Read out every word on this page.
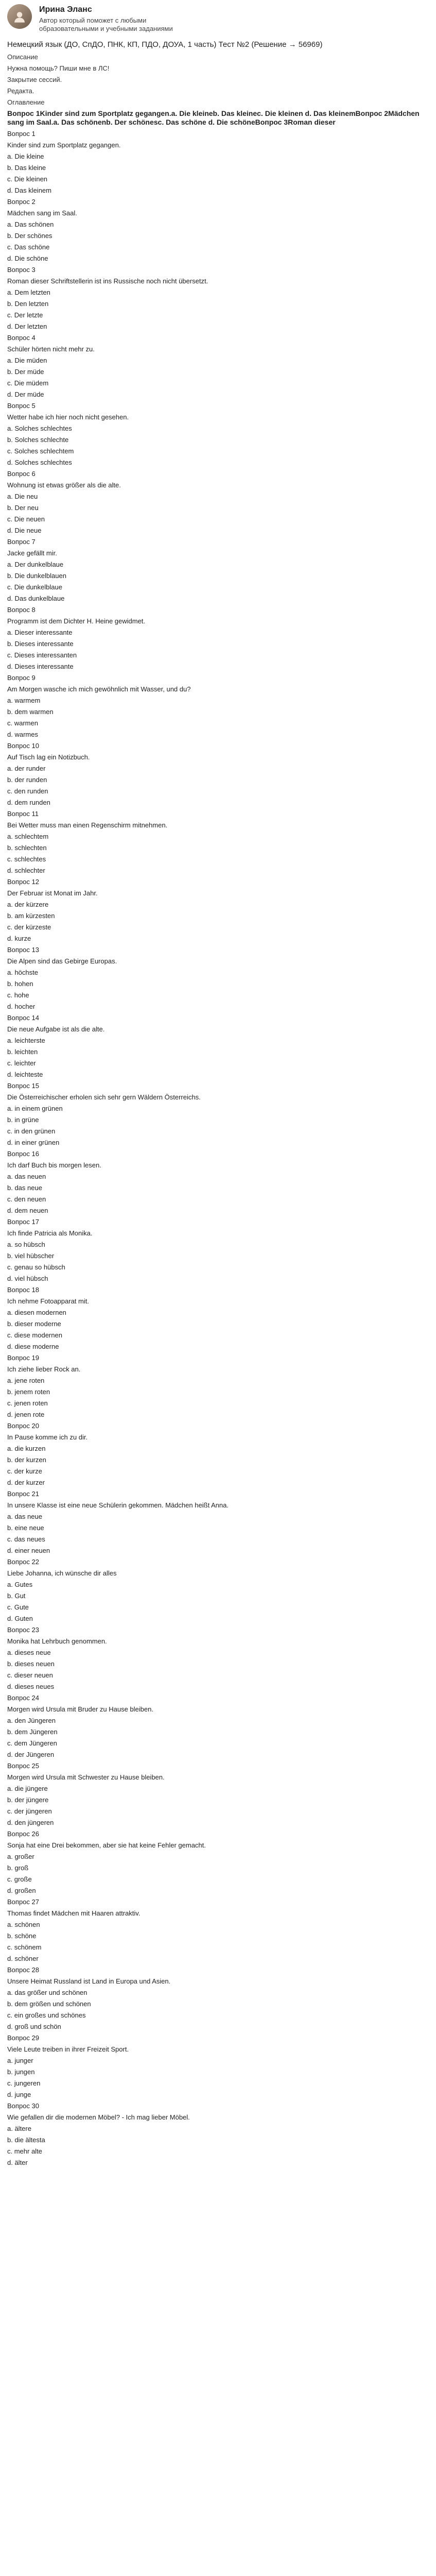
Ирина Эланс
Автор который поможет с любыми образовательными и учебными заданиями
Немецкий язык (ДО, СпДО, ПНК, КП, ПДО, ДОУА, 1 часть) Тест №2 (Решение → 56969)
Описание
Нужна помощь? Пиши мне в ЛС!
Закрытие сессий.
Редакта.
Оглавление
Вопрос 1Kinder sind zum Sportplatz gegangen.a. Die kleineb. Das kleinec. Die kleinen d. Das kleinemВопрос 2Mädchen sang im Saal.a. Das schönenb. Der schönesc. Das schöne d. Die schönеВопрос 3Roman dieser
Вопрос 1
Kinder sind zum Sportplatz gegangen.
a. Die kleine
b. Das kleine
c. Die kleinen
d. Das kleinem
Вопрос 2
Mädchen sang im Saal.
a. Das schönen
b. Der schönes
c. Das schöne
d. Die schöne
Вопрос 3
Roman dieser Schriftstellerin ist ins Russische noch nicht übersetzt.
a. Dem letzten
b. Den letzten
c. Der letzte
d. Der letzten
Вопрос 4
Schüler hörten nicht mehr zu.
a. Die müden
b. Der müde
c. Die müdem
d. Der müde
Вопрос 5
Wetter habe ich hier noch nicht gesehen.
a. Solches schlechtes
b. Solches schlechte
c. Solches schlechtem
d. Solches schlechtes
Вопрос 6
Wohnung ist etwas größer als die alte.
a. Die neu
b. Der neu
c. Die neuen
d. Die neue
Вопрос 7
Jacke gefällt mir.
a. Der dunkelblaue
b. Die dunkelblauen
c. Die dunkelblaue
d. Das dunkelblaue
Вопрос 8
Programm ist dem Dichter H. Heine gewidmet.
a. Dieser interessante
b. Dieses interessante
c. Dieses interessanten
d. Dieses interessante
Вопрос 9
Am Morgen wasche ich mich gewöhnlich mit Wasser, und du?
a. warmem
b. dem warmen
c. warmen
d. warmes
Вопрос 10
Auf Tisch lag ein Notizbuch.
a. der runder
b. der runden
c. den runden
d. dem runden
Вопрос 11
Bei Wetter muss man einen Regenschirm mitnehmen.
a. schlechtem
b. schlechten
c. schlechtes
d. schlechter
Вопрос 12
Der Februar ist Monat im Jahr.
a. der kürzere
b. am kürzesten
c. der kürzeste
d. kurze
Вопрос 13
Die Alpen sind das Gebirge Europas.
a. höchste
b. hohen
c. hohe
d. hocher
Вопрос 14
Die neue Aufgabe ist als die alte.
a. leichterste
b. leichten
c. leichter
d. leichteste
Вопрос 15
Die Österreichischer erholen sich sehr gern Wäldern Österreichs.
a. in einem grünen
b. in grüne
c. in den grünen
d. in einer grünen
Вопрос 16
Ich darf Buch bis morgen lesen.
a. das neuen
b. das neue
c. den neuen
d. dem neuen
Вопрос 17
Ich finde Patricia als Monika.
a. so hübsch
b. viel hübscher
c. genau so hübsch
d. viel hübsch
Вопрос 18
Ich nehme Fotoapparat mit.
a. diesen modernen
b. dieser moderne
c. diese modernen
d. diese moderne
Вопрос 19
Ich ziehe lieber Rock an.
a. jene roten
b. jenem roten
c. jenen roten
d. jenen rote
Вопрос 20
In Pause komme ich zu dir.
a. die kurzen
b. der kurzen
c. der kurze
d. der kurzer
Вопрос 21
In unsere Klasse ist eine neue Schülerin gekommen. Mädchen heißt Anna.
a. das neue
b. eine neue
c. das neues
d. einer neuen
Вопрос 22
Liebe Johanna, ich wünsche dir alles
a. Gutes
b. Gut
c. Gute
d. Guten
Вопрос 23
Monika hat Lehrbuch genommen.
a. dieses neue
b. dieses neuen
c. dieser neuen
d. dieses neues
Вопрос 24
Morgen wird Ursula mit Bruder zu Hause bleiben.
a. den Jüngeren
b. dem Jüngeren
c. dem Jüngeren
d. der Jüngeren
Вопрос 25
Morgen wird Ursula mit Schwester zu Hause bleiben.
a. die jüngere
b. der jüngere
c. der jüngeren
d. den jüngeren
Вопрос 26
Sonja hat eine Drei bekommen, aber sie hat keine Fehler gemacht.
a. großer
b. groß
c. große
d. großen
Вопрос 27
Thomas findet Mädchen mit Haaren attraktiv.
a. schönen
b. schöne
c. schönem
d. schöner
Вопрос 28
Unsere Heimat Russland ist Land in Europa und Asien.
a. das größer und schönen
b. dem größen und schönen
c. ein großes und schönes
d. groß und schön
Вопрос 29
Viele Leute treiben in ihrer Freizeit Sport.
a. junger
b. jungen
c. jungeren
d. junge
Вопрос 30
Wie gefallen dir die modernen Möbel? - Ich mag lieber Möbel.
a. ältere
b. die ältesta
c. mehr alte
d. älter
